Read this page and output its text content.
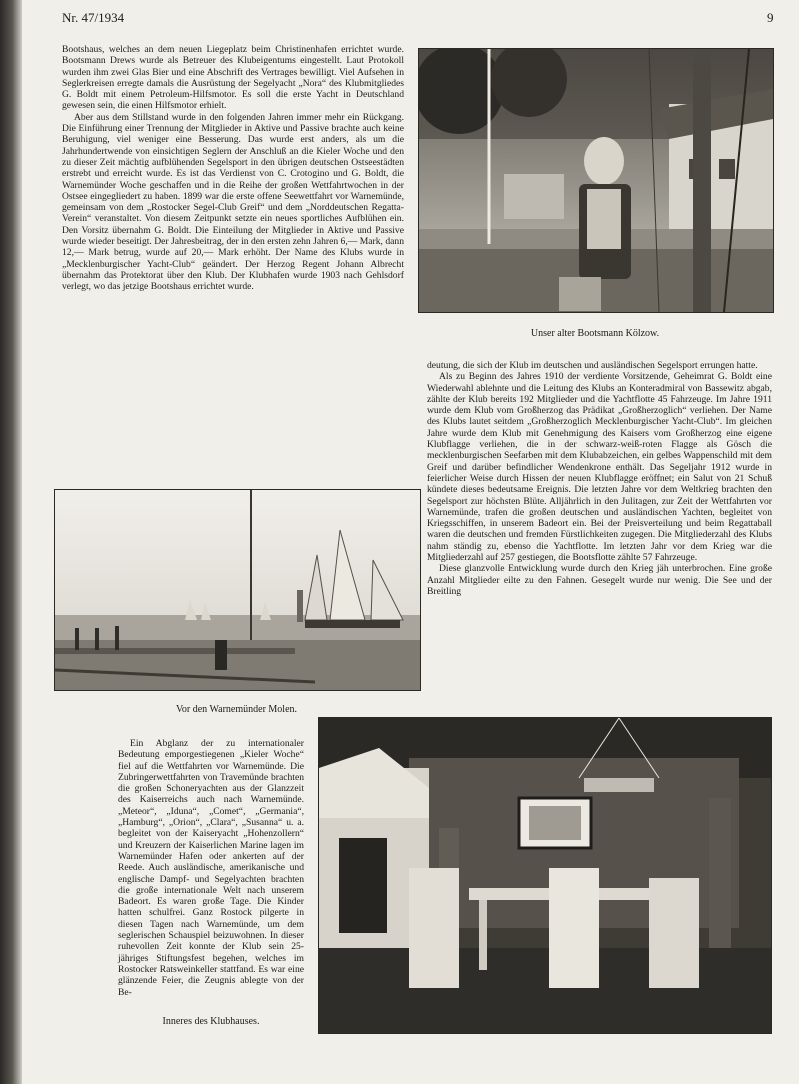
Nr. 47/1934	9

Bootshaus, welches an dem neuen Liegeplatz beim Christinenhafen errichtet wurde. Bootsmann Drews wurde als Betreuer des Klubeigentums eingestellt. Laut Protokoll wurden ihm zwei Glas Bier und eine Abschrift des Vertrages bewilligt. Viel Aufsehen in Seglerkreisen erregte damals die Ausrüstung der Segelyacht „Nora“ des Klubmitgliedes G. Boldt mit einem Petroleum-Hilfsmotor. Es soll die erste Yacht in Deutschland gewesen sein, die einen Hilfsmotor erhielt.

Aber aus dem Stillstand wurde in den folgenden Jahren immer mehr ein Rückgang. Die Einführung einer Trennung der Mitglieder in Aktive und Passive brachte auch keine Beruhigung, viel weniger eine Besserung. Das wurde erst anders, als um die Jahrhundertwende von einsichtigen Seglern der Anschluß an die Kieler Woche und den zu dieser Zeit mächtig aufblühenden Segelsport in den übrigen deutschen Ostseestädten erstrebt und erreicht wurde. Es ist das Verdienst von C. Crotogino und G. Boldt, die Warnemünder Woche geschaffen und in die Reihe der großen Wettfahrtwochen in der Ostsee eingegliedert zu haben. 1899 war die erste offene Seewettfahrt vor Warnemünde, gemeinsam von dem „Rostocker Segel-Club Greif“ und dem „Norddeutschen Regatta-Verein“ veranstaltet. Von diesem Zeitpunkt setzte ein neues sportliches Aufblühen ein. Den Vorsitz übernahm G. Boldt. Die Einteilung der Mitglieder in Aktive und Passive wurde wieder beseitigt. Der Jahresbeitrag, der in den ersten zehn Jahren 6,— Mark, dann 12,— Mark betrug, wurde auf 20,— Mark erhöht. Der Name des Klubs wurde in „Mecklenburgischer Yacht-Club“ geändert. Der Herzog Regent Johann Albrecht übernahm das Protektorat über den Klub. Der Klubhafen wurde 1903 nach Gehlsdorf verlegt, wo das jetzige Bootshaus errichtet wurde.

Unser alter Bootsmann Kölzow.

deutung, die sich der Klub im deutschen und ausländischen Segelsport errungen hatte.

Als zu Beginn des Jahres 1910 der verdiente Vorsitzende, Geheimrat G. Boldt eine Wiederwahl ablehnte und die Leitung des Klubs an Konteradmiral von Bassewitz abgab, zählte der Klub bereits 192 Mitglieder und die Yachtflotte 45 Fahrzeuge. Im Jahre 1911 wurde dem Klub vom Großherzog das Prädikat „Großherzoglich“ verliehen. Der Name des Klubs lautet seitdem „Großherzoglich Mecklenburgischer Yacht-Club“. Im gleichen Jahre wurde dem Klub mit Genehmigung des Kaisers vom Großherzog eine eigene Klubflagge verliehen, die in der schwarz-weiß-roten Flagge als Gösch die mecklenburgischen Seefarben mit dem Klubabzeichen, ein gelbes Wappenschild mit dem Greif und darüber befindlicher Wendenkrone enthält. Das Segeljahr 1912 wurde in feierlicher Weise durch Hissen der neuen Klubflagge eröffnet; ein Salut von 21 Schuß kündete dieses bedeutsame Ereignis. Die letzten Jahre vor dem Weltkrieg brachten den Segelsport zur höchsten Blüte. Alljährlich in den Julitagen, zur Zeit der Wettfahrten vor Warnemünde, trafen die großen deutschen und ausländischen Yachten, begleitet von Kriegsschiffen, in unserem Badeort ein. Bei der Preisverteilung und beim Regattaball waren die deutschen und fremden Fürstlichkeiten zugegen. Die Mitgliederzahl des Klubs nahm ständig zu, ebenso die Yachtflotte. Im letzten Jahr vor dem Krieg war die Mitgliederzahl auf 257 gestiegen, die Bootsflotte zählte 57 Fahrzeuge.

Diese glanzvolle Entwicklung wurde durch den Krieg jäh unterbrochen. Eine große Anzahl Mitglieder eilte zu den Fahnen. Gesegelt wurde nur wenig. Die See und der Breitling

Vor den Warnemünder Molen.

Ein Abglanz der zu internationaler Bedeutung emporgestiegenen „Kieler Woche“ fiel auf die Wettfahrten vor Warnemünde. Die Zubringerwettfahrten von Travemünde brachten die großen Schoneryachten aus der Glanzzeit des Kaiserreichs auch nach Warnemünde. „Meteor“, „Iduna“, „Comet“, „Germania“, „Hamburg“, „Orion“, „Clara“, „Susanna“ u. a. begleitet von der Kaiseryacht „Hohenzollern“ und Kreuzern der Kaiserlichen Marine lagen im Warnemünder Hafen oder ankerten auf der Reede. Auch ausländische, amerikanische und englische Dampf- und Segelyachten brachten die große internationale Welt nach unserem Badeort. Es waren große Tage. Die Kinder hatten schulfrei. Ganz Rostock pilgerte in diesen Tagen nach Warnemünde, um dem seglerischen Schauspiel beizuwohnen. In dieser ruhevollen Zeit konnte der Klub sein 25-jähriges Stiftungsfest begehen, welches im Rostocker Ratsweinkeller stattfand. Es war eine glänzende Feier, die Zeugnis ablegte von der Be-

Inneres des Klubhauses.
